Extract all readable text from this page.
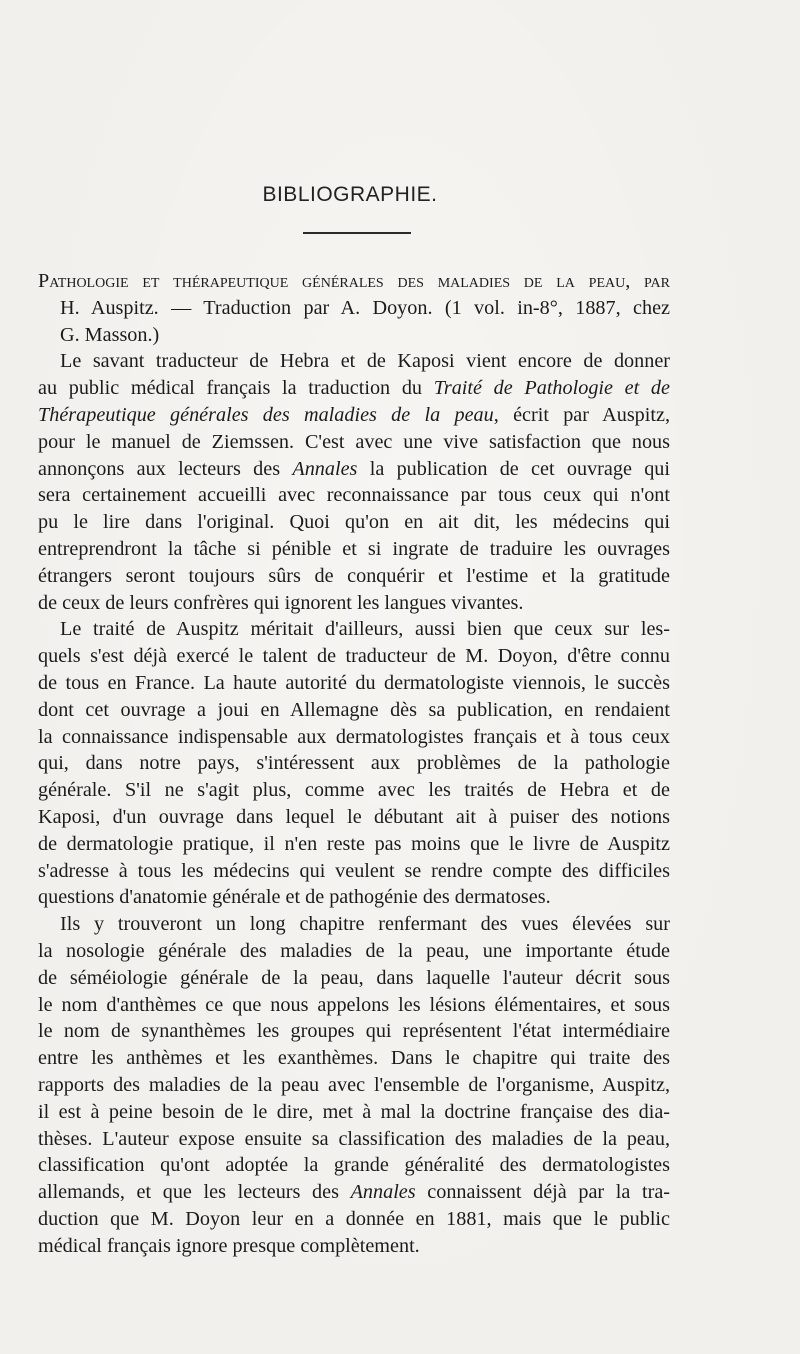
BIBLIOGRAPHIE.
Pathologie et thérapeutique générales des maladies de la peau, par
H. Auspitz. — Traduction par A. Doyon. (1 vol. in-8°, 1887, chez
G. Masson.)
Le savant traducteur de Hebra et de Kaposi vient encore de donner
au public médical français la traduction du Traité de Pathologie et de
Thérapeutique générales des maladies de la peau, écrit par Auspitz,
pour le manuel de Ziemssen. C'est avec une vive satisfaction que nous
annonçons aux lecteurs des Annales la publication de cet ouvrage qui
sera certainement accueilli avec reconnaissance par tous ceux qui n'ont
pu le lire dans l'original. Quoi qu'on en ait dit, les médecins qui
entreprendront la tâche si pénible et si ingrate de traduire les ouvrages
étrangers seront toujours sûrs de conquérir et l'estime et la gratitude
de ceux de leurs confrères qui ignorent les langues vivantes.
Le traité de Auspitz méritait d'ailleurs, aussi bien que ceux sur les-
quels s'est déjà exercé le talent de traducteur de M. Doyon, d'être connu
de tous en France. La haute autorité du dermatologiste viennois, le succès
dont cet ouvrage a joui en Allemagne dès sa publication, en rendaient
la connaissance indispensable aux dermatologistes français et à tous ceux
qui, dans notre pays, s'intéressent aux problèmes de la pathologie
générale. S'il ne s'agit plus, comme avec les traités de Hebra et de
Kaposi, d'un ouvrage dans lequel le débutant ait à puiser des notions
de dermatologie pratique, il n'en reste pas moins que le livre de Auspitz
s'adresse à tous les médecins qui veulent se rendre compte des difficiles
questions d'anatomie générale et de pathogénie des dermatoses.
Ils y trouveront un long chapitre renfermant des vues élevées sur
la nosologie générale des maladies de la peau, une importante étude
de séméiologie générale de la peau, dans laquelle l'auteur décrit sous
le nom d'anthèmes ce que nous appelons les lésions élémentaires, et sous
le nom de synanthèmes les groupes qui représentent l'état intermédiaire
entre les anthèmes et les exanthèmes. Dans le chapitre qui traite des
rapports des maladies de la peau avec l'ensemble de l'organisme, Auspitz,
il est à peine besoin de le dire, met à mal la doctrine française des dia-
thèses. L'auteur expose ensuite sa classification des maladies de la peau,
classification qu'ont adoptée la grande généralité des dermatologistes
allemands, et que les lecteurs des Annales connaissent déjà par la tra-
duction que M. Doyon leur en a donnée en 1881, mais que le public
médical français ignore presque complètement.
